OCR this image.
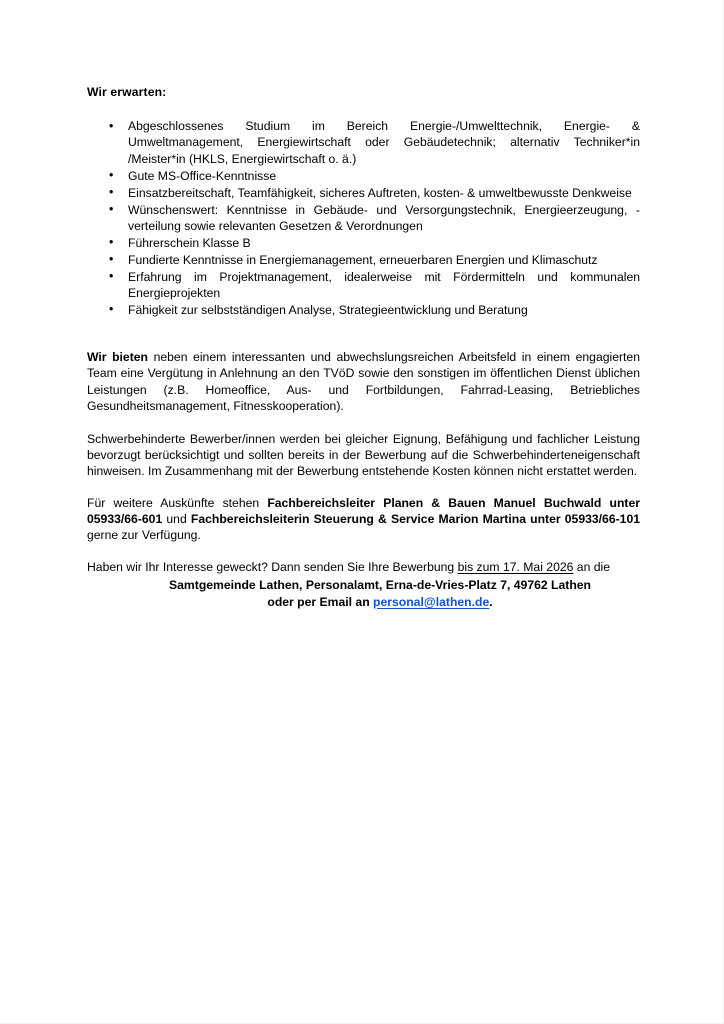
Wir erwarten:
• Abgeschlossenes Studium im Bereich Energie-/Umwelttechnik, Energie- & Umweltmanagement, Energiewirtschaft oder Gebäudetechnik; alternativ Techniker*in /Meister*in (HKLS, Energiewirtschaft o. ä.)
• Gute MS-Office-Kenntnisse
• Einsatzbereitschaft, Teamfähigkeit, sicheres Auftreten, kosten- & umweltbewusste Denkweise
• Wünschenswert: Kenntnisse in Gebäude- und Versorgungstechnik, Energieerzeugung, -verteilung sowie relevanten Gesetzen & Verordnungen
• Führerschein Klasse B
• Fundierte Kenntnisse in Energiemanagement, erneuerbaren Energien und Klimaschutz
• Erfahrung im Projektmanagement, idealerweise mit Fördermitteln und kommunalen Energieprojekten
• Fähigkeit zur selbstständigen Analyse, Strategieentwicklung und Beratung

Wir bieten neben einem interessanten und abwechslungsreichen Arbeitsfeld in einem engagierten Team eine Vergütung in Anlehnung an den TVöD sowie den sonstigen im öffentlichen Dienst üblichen Leistungen (z.B. Homeoffice, Aus- und Fortbildungen, Fahrrad-Leasing, Betriebliches Gesundheitsmanagement, Fitnesskooperation).

Schwerbehinderte Bewerber/innen werden bei gleicher Eignung, Befähigung und fachlicher Leistung bevorzugt berücksichtigt und sollten bereits in der Bewerbung auf die Schwerbehinderteneigenschaft hinweisen. Im Zusammenhang mit der Bewerbung entstehende Kosten können nicht erstattet werden.

Für weitere Auskünfte stehen Fachbereichsleiter Planen & Bauen Manuel Buchwald unter 05933/66-601 und Fachbereichsleiterin Steuerung & Service Marion Martina unter 05933/66-101 gerne zur Verfügung.

Haben wir Ihr Interesse geweckt? Dann senden Sie Ihre Bewerbung bis zum 17. Mai 2026 an die

Samtgemeinde Lathen, Personalamt, Erna-de-Vries-Platz 7, 49762 Lathen
oder per Email an personal@lathen.de.
